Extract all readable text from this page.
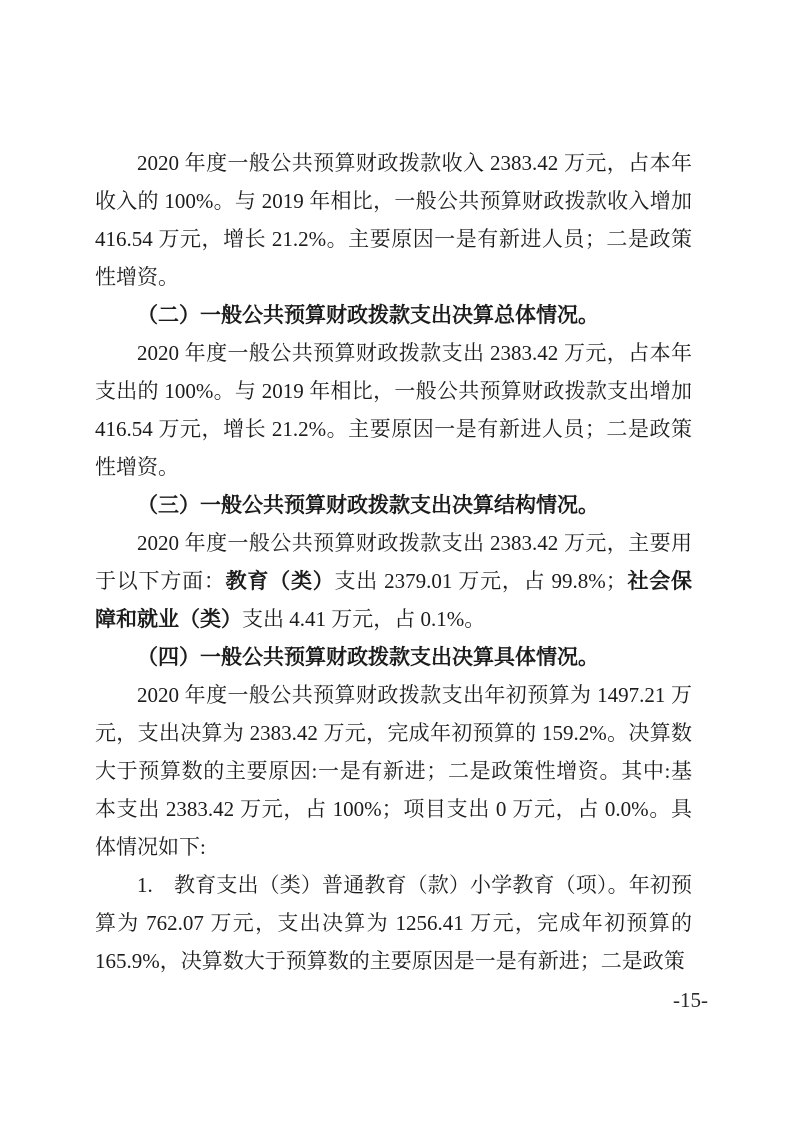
2020 年度一般公共预算财政拨款收入 2383.42 万元，占本年收入的 100%。与 2019 年相比，一般公共预算财政拨款收入增加 416.54 万元，增长 21.2%。主要原因一是有新进人员；二是政策性增资。

（二）一般公共预算财政拨款支出决算总体情况。

2020 年度一般公共预算财政拨款支出 2383.42 万元，占本年支出的 100%。与 2019 年相比，一般公共预算财政拨款支出增加 416.54 万元，增长 21.2%。主要原因一是有新进人员；二是政策性增资。

（三）一般公共预算财政拨款支出决算结构情况。

2020 年度一般公共预算财政拨款支出 2383.42 万元，主要用于以下方面：教育（类）支出 2379.01 万元，占 99.8%；社会保障和就业（类）支出 4.41 万元，占 0.1%。

（四）一般公共预算财政拨款支出决算具体情况。

2020 年度一般公共预算财政拨款支出年初预算为 1497.21 万元，支出决算为 2383.42 万元，完成年初预算的 159.2%。决算数大于预算数的主要原因:一是有新进；二是政策性增资。其中:基本支出 2383.42 万元，占 100%；项目支出 0 万元，占 0.0%。具体情况如下:

1.　教育支出（类）普通教育（款）小学教育（项）。年初预算为 762.07 万元，支出决算为 1256.41 万元，完成年初预算的 165.9%，决算数大于预算数的主要原因是一是有新进；二是政策

-15-
